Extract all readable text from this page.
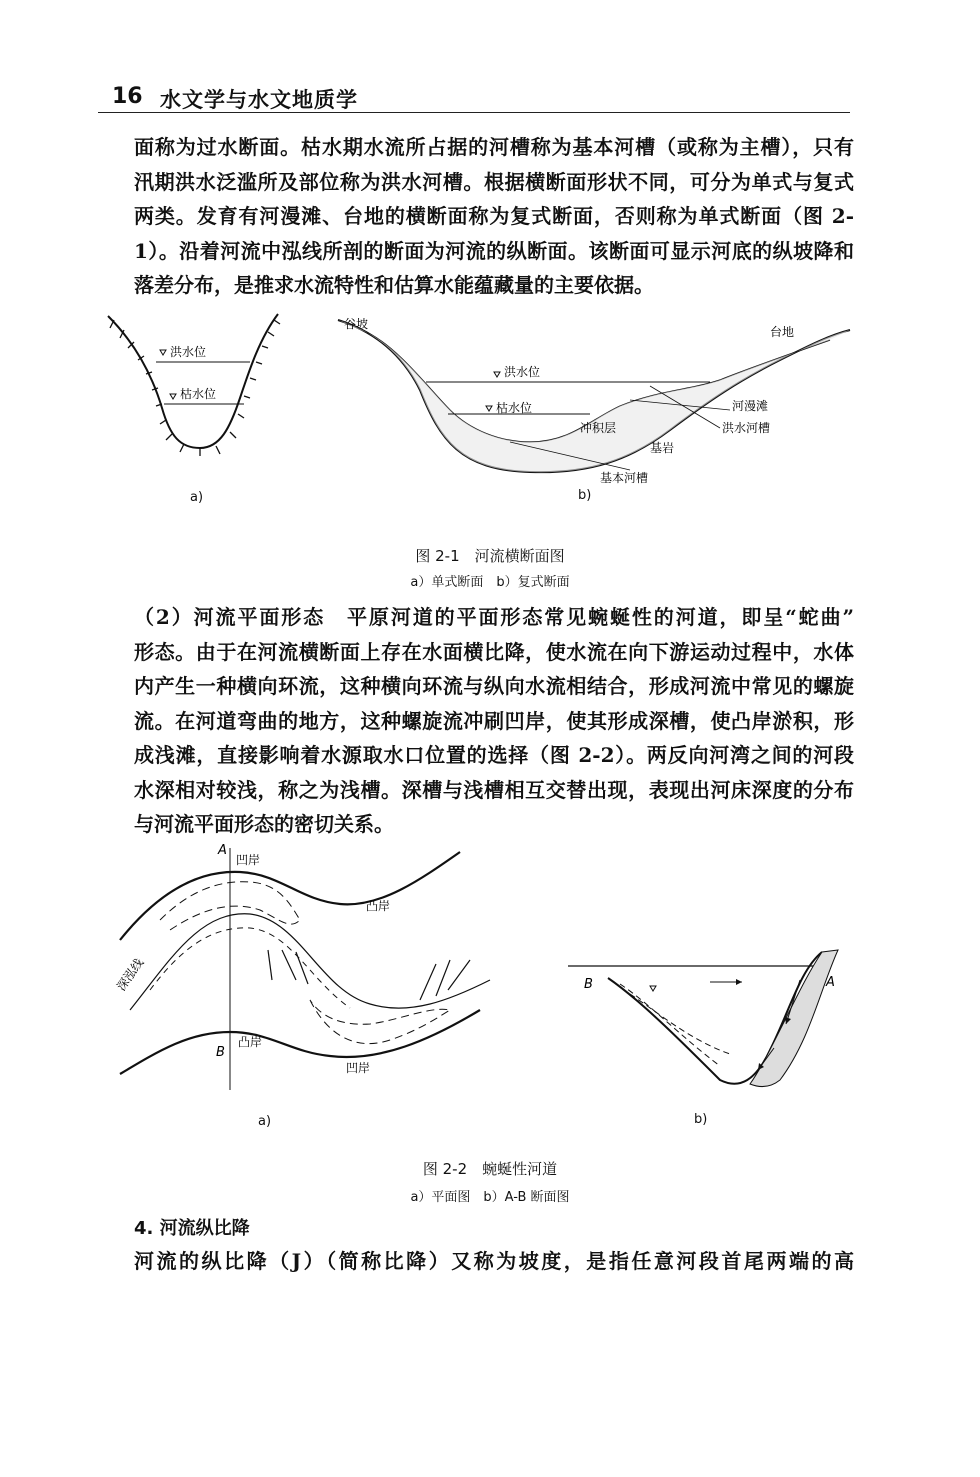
16 水文学与水文地质学
面称为过水断面。枯水期水流所占据的河槽称为基本河槽（或称为主槽），只有
汛期洪水泛滥所及部位称为洪水河槽。根据横断面形状不同，可分为单式与复式
两类。发育有河漫滩、台地的横断面称为复式断面，否则称为单式断面（图 2-
1）。沿着河流中泓线所剖的断面为河流的纵断面。该断面可显示河底的纵坡降和
落差分布，是推求水流特性和估算水能蕴藏量的主要依据。
洪水位
枯水位
a)
谷坡
台地
洪水位
枯水位	河漫滩
洪水河槽
冲积层
基岩
基本河槽
b)
图 2-1　河流横断面图
a）单式断面　b）复式断面
（2）河流平面形态　平原河道的平面形态常见蜿蜒性的河道，即呈“蛇曲”
形态。由于在河流横断面上存在水面横比降，使水流在向下游运动过程中，水体
内产生一种横向环流，这种横向环流与纵向水流相结合，形成河流中常见的螺旋
流。在河道弯曲的地方，这种螺旋流冲刷凹岸，使其形成深槽，使凸岸淤积，形
成浅滩，直接影响着水源取水口位置的选择（图 2-2）。两反向河湾之间的河段
水深相对较浅，称之为浅槽。深槽与浅槽相互交替出现，表现出河床深度的分布
与河流平面形态的密切关系。
A
B
凹岸
凸岸
凸岸
凹岸
深泓线
a)
B	A
b)
图 2-2　蜿蜒性河道
a）平面图　b）A-B 断面图
4. 河流纵比降
河流的纵比降（J）（简称比降）又称为坡度，是指任意河段首尾两端的高
